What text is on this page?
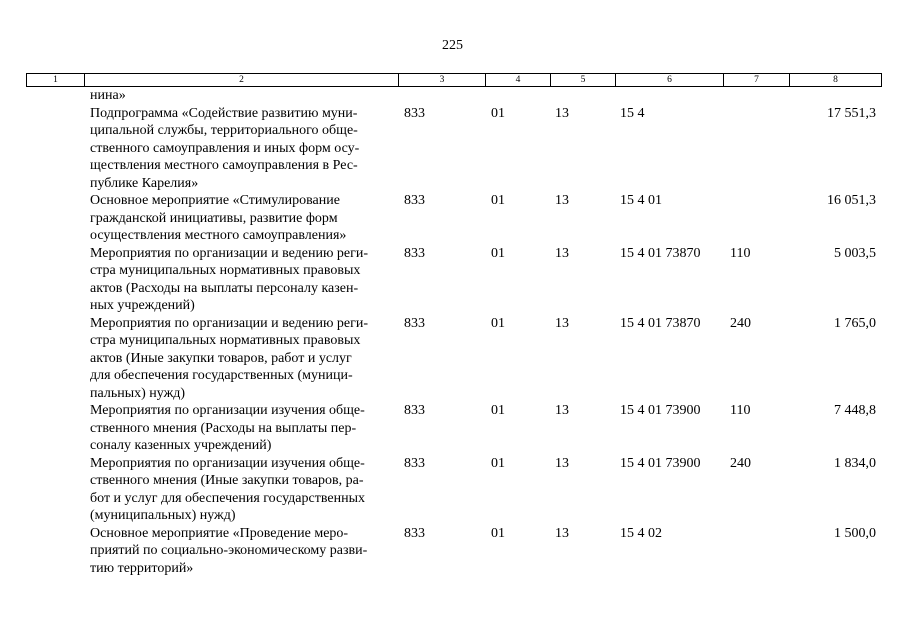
225
1	2	3	4	5	6	7	8
нина»						
Подпрограмма «Содействие развитию муни-
ципальной службы, территориального обще-
ственного самоуправления и иных форм осу-
ществления местного самоуправления в Рес-
публике Карелия»	833	01	13	15 4		17 551,3
Основное мероприятие «Стимулирование
гражданской инициативы, развитие форм
осуществления местного самоуправления»	833	01	13	15 4 01		16 051,3
Мероприятия по организации и ведению реги-
стра муниципальных нормативных правовых
актов (Расходы на выплаты персоналу казен-
ных учреждений)	833	01	13	15 4 01 73870	110	5 003,5
Мероприятия по организации и ведению реги-
стра муниципальных нормативных правовых
актов (Иные закупки товаров, работ и услуг
для обеспечения государственных (муници-
пальных) нужд)	833	01	13	15 4 01 73870	240	1 765,0
Мероприятия по организации изучения обще-
ственного мнения (Расходы на выплаты пер-
соналу казенных учреждений)	833	01	13	15 4 01 73900	110	7 448,8
Мероприятия по организации изучения обще-
ственного мнения (Иные закупки товаров, ра-
бот и услуг для обеспечения государственных
(муниципальных) нужд)	833	01	13	15 4 01 73900	240	1 834,0
Основное мероприятие «Проведение меро-
приятий по социально-экономическому разви-
тию территорий»	833	01	13	15 4 02		1 500,0
